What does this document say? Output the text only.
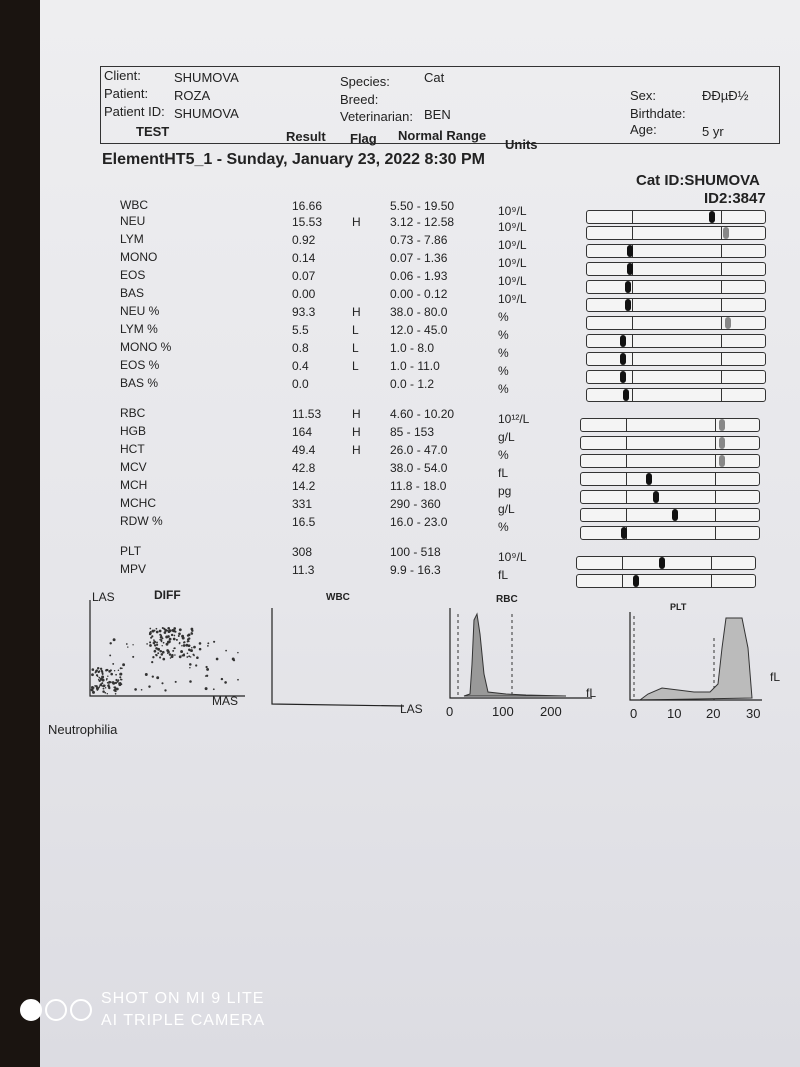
Client:	SHUMOVA
Patient: ROZA
Patient ID: SHUMOVA
Species:	Cat
Breed:
Veterinarian: BEN
Sex:	ÐÐµÐ½
Birthdate:
Age:	5 yr
TEST	Result Flag Normal Range
Units
ElementHT5_1 - Sunday, January 23, 2022 8:30 PM
Cat ID:SHUMOVA
ID2:3847
WBC	16.66	5.50 - 19.50	10⁹/L
NEU	15.53 H 3.12 - 12.58	10⁹/L
LYM	0.92	0.73 - 7.86	10⁹/L
MONO	0.14	0.07 - 1.36	10⁹/L
EOS	0.07	0.06 - 1.93	10⁹/L
BAS	0.00	0.00 - 0.12	10⁹/L
NEU %	93.3	H 38.0 - 80.0	%
LYM %	5.5	L	12.0 - 45.0	%
MONO %	0.8	L	1.0 - 8.0	%
EOS %	0.4	L	1.0 - 11.0	%
BAS %	0.0	0.0 - 1.2	%
RBC	11.53	H 4.60 - 10.20	10¹²/L
HGB	164	H 85 - 153	g/L
HCT	49.4	H 26.0 - 47.0	%
MCV	42.8	38.0 - 54.0	fL
MCH	14.2	11.8 - 18.0	pg
MCHC	331	290 - 360	g/L
RDW %	16.5	16.0 - 23.0	%
PLT	308	100 - 518	10⁹/L
MPV	11.3	9.9 - 16.3	fL
LAS	DIFF
MAS
WBC
LAS
RBC
fL
0	100 200
PLT
fL
0 10 20 30
Neutrophilia
SHOT ON MI 9 LITE
AI TRIPLE CAMERA
